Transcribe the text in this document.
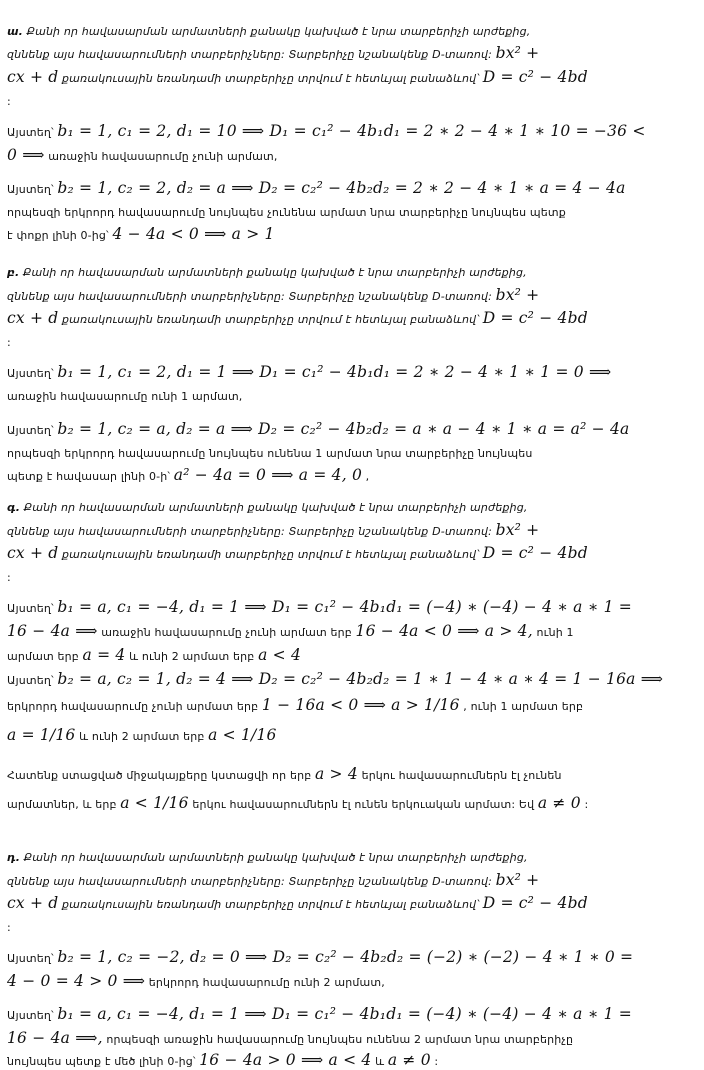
ա. Քանի որ հավասարման արմատների քանակը կախված է նրա տարբերիչի արժեքից,
զննենք այս հավասարումների տարբերիչները: Տարբերիչը նշանակենք D-տառով: bx² +
cx + d քառակուսային եռանդամի տարբերիչը տրվում է հետևյալ բանաձևով՝ D = c² − 4bd
:
Այստեղ՝ b₁ = 1, c₁ = 2, d₁ = 10 ⟹ D₁ = c₁² − 4b₁d₁ = 2 ∗ 2 − 4 ∗ 1 ∗ 10 = −36 <
0 ⟹ առաջին հավասարումը չունի արմատ,
Այստեղ՝ b₂ = 1, c₂ = 2, d₂ = a ⟹ D₂ = c₂² − 4b₂d₂ = 2 ∗ 2 − 4 ∗ 1 ∗ a = 4 − 4a
որպեսզի երկրորդ հավասարումը նույնպես չունենա արմատ նրա տարբերիչը նույնպես պետք
է փոքր լինի 0-ից՝ 4 − 4a < 0 ⟹ a > 1
բ. Քանի որ հավասարման արմատների քանակը կախված է նրա տարբերիչի արժեքից,
զննենք այս հավասարումների տարբերիչները: Տարբերիչը նշանակենք D-տառով: bx² +
cx + d քառակուսային եռանդամի տարբերիչը տրվում է հետևյալ բանաձևով՝ D = c² − 4bd
:
Այստեղ՝ b₁ = 1, c₁ = 2, d₁ = 1 ⟹ D₁ = c₁² − 4b₁d₁ = 2 ∗ 2 − 4 ∗ 1 ∗ 1 = 0 ⟹
առաջին հավասարումը ունի 1 արմատ,
Այստեղ՝ b₂ = 1, c₂ = a, d₂ = a ⟹ D₂ = c₂² − 4b₂d₂ = a ∗ a − 4 ∗ 1 ∗ a = a² − 4a
որպեսզի երկրորդ հավասարումը նույնպես ունենա 1 արմատ նրա տարբերիչը նույնպես
պետք է հավասար լինի 0-ի՝ a² − 4a = 0 ⟹ a = 4, 0 ,
գ. Քանի որ հավասարման արմատների քանակը կախված է նրա տարբերիչի արժեքից,
զննենք այս հավասարումների տարբերիչները: Տարբերիչը նշանակենք D-տառով: bx² +
cx + d քառակուսային եռանդամի տարբերիչը տրվում է հետևյալ բանաձևով՝ D = c² − 4bd
:
Այստեղ՝ b₁ = a, c₁ = −4, d₁ = 1 ⟹ D₁ = c₁² − 4b₁d₁ = (−4) ∗ (−4) − 4 ∗ a ∗ 1 =
16 − 4a ⟹ առաջին հավասարումը չունի արմատ երբ 16 − 4a < 0 ⟹ a > 4, ունի 1
արմատ երբ a = 4 և ունի 2 արմատ երբ a < 4
Այստեղ՝ b₂ = a, c₂ = 1, d₂ = 4 ⟹ D₂ = c₂² − 4b₂d₂ = 1 ∗ 1 − 4 ∗ a ∗ 4 = 1 − 16a ⟹
երկրորդ հավասարումը չունի արմատ երբ 1 − 16a < 0 ⟹ a > 1/16 , ունի 1 արմատ երբ
a = 1/16 և ունի 2 արմատ երբ a < 1/16
Հատենք ստացված միջակայքերը կստացվի որ երբ a > 4 երկու հավասարումներն էլ չունեն
արմատներ, և երբ a < 1/16 երկու հավասարումներն էլ ունեն երկուական արմատ: Եվ a ≠ 0 :
դ. Քանի որ հավասարման արմատների քանակը կախված է նրա տարբերիչի արժեքից,
զննենք այս հավասարումների տարբերիչները: Տարբերիչը նշանակենք D-տառով: bx² +
cx + d քառակուսային եռանդամի տարբերիչը տրվում է հետևյալ բանաձևով՝ D = c² − 4bd
:
Այստեղ՝ b₂ = 1, c₂ = −2, d₂ = 0 ⟹ D₂ = c₂² − 4b₂d₂ = (−2) ∗ (−2) − 4 ∗ 1 ∗ 0 =
4 − 0 = 4 > 0 ⟹ երկրորդ հավասարումը ունի 2 արմատ,
Այստեղ՝ b₁ = a, c₁ = −4, d₁ = 1 ⟹ D₁ = c₁² − 4b₁d₁ = (−4) ∗ (−4) − 4 ∗ a ∗ 1 =
16 − 4a ⟹, որպեսզի առաջին հավասարումը նույնպես ունենա 2 արմատ նրա տարբերիչը
նույնպես պետք է մեծ լինի 0-ից՝ 16 − 4a > 0 ⟹ a < 4 և a ≠ 0 :
